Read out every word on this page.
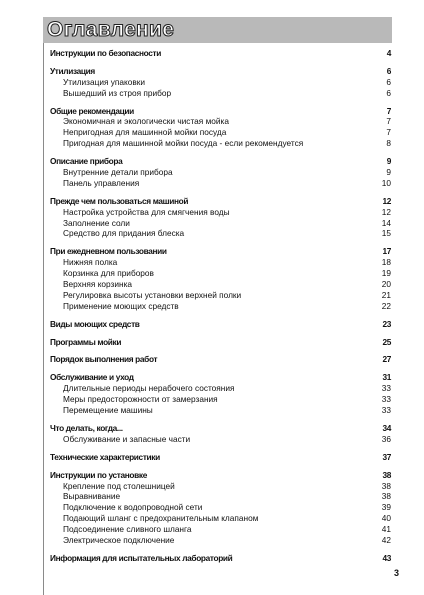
Оглавление
Инструкции по безопасности	4
Утилизация	6
Утилизация упаковки	6
Вышедший из строя прибор	6
Общие рекомендации	7
Экономичная и экологически чистая мойка	7
Непригодная для машинной мойки посуда	7
Пригодная для машинной мойки посуда - если рекомендуется	8
Описание прибора	9
Внутренние детали прибора	9
Панель управления	10
Прежде чем пользоваться машиной	12
Настройка устройства для смягчения воды	12
Заполнение соли	14
Средство для придания блеска	15
При ежедневном пользовании	17
Нижняя полка	18
Корзинка для приборов	19
Верхняя корзинка	20
Регулировка высоты установки верхней полки	21
Применение моющих средств	22
Виды моющих средств	23
Программы мойки	25
Порядок выполнения работ	27
Обслуживание и уход	31
Длительные периоды нерабочего состояния	33
Меры предосторожности от замерзания	33
Перемещение машины	33
Что делать, когда...	34
Обслуживание и запасные части	36
Технические характеристики	37
Инструкции по установке	38
Крепление под столешницей	38
Выравнивание	38
Подключение к водопроводной сети	39
Подающий шланг с предохранительным клапаном	40
Подсоединение сливного шланга	41
Электрическое подключение	42
Информация для испытательных лабораторий	43
3
